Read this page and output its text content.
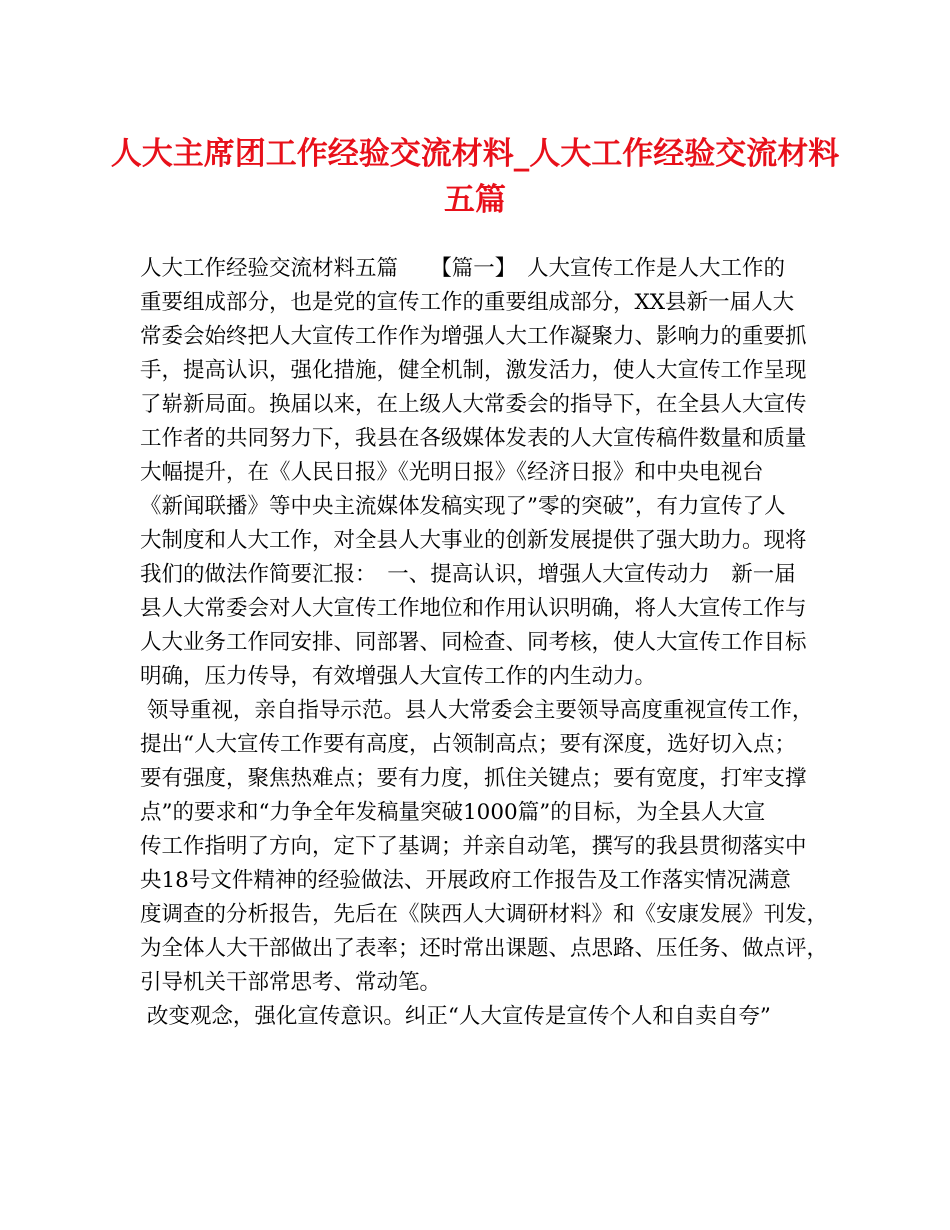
人大主席团工作经验交流材料_人大工作经验交流材料
五篇

人大工作经验交流材料五篇　　【篇一】　人大宣传工作是人大工作的

重要组成部分，也是党的宣传工作的重要组成部分，XX县新一届人大

常委会始终把人大宣传工作作为增强人大工作凝聚力、影响力的重要抓

手，提高认识，强化措施，健全机制，激发活力，使人大宣传工作呈现

了崭新局面。换届以来，在上级人大常委会的指导下，在全县人大宣传

工作者的共同努力下，我县在各级媒体发表的人大宣传稿件数量和质量

大幅提升，在《人民日报》《光明日报》《经济日报》和中央电视台

《新闻联播》等中央主流媒体发稿实现了”零的突破”，有力宣传了人

大制度和人大工作，对全县人大事业的创新发展提供了强大助力。现将

我们的做法作简要汇报：　一、提高认识，增强人大宣传动力　新一届

县人大常委会对人大宣传工作地位和作用认识明确，将人大宣传工作与

人大业务工作同安排、同部署、同检查、同考核，使人大宣传工作目标

明确，压力传导，有效增强人大宣传工作的内生动力。

领导重视，亲自指导示范。县人大常委会主要领导高度重视宣传工作，

提出“人大宣传工作要有高度，占领制高点；要有深度，选好切入点；

要有强度，聚焦热难点；要有力度，抓住关键点；要有宽度，打牢支撑

点”的要求和“力争全年发稿量突破1000篇”的目标，为全县人大宣

传工作指明了方向，定下了基调；并亲自动笔，撰写的我县贯彻落实中

央18号文件精神的经验做法、开展政府工作报告及工作落实情况满意

度调查的分析报告，先后在《陕西人大调研材料》和《安康发展》刊发，

为全体人大干部做出了表率；还时常出课题、点思路、压任务、做点评，

引导机关干部常思考、常动笔。

改变观念，强化宣传意识。纠正“人大宣传是宣传个人和自卖自夸”
